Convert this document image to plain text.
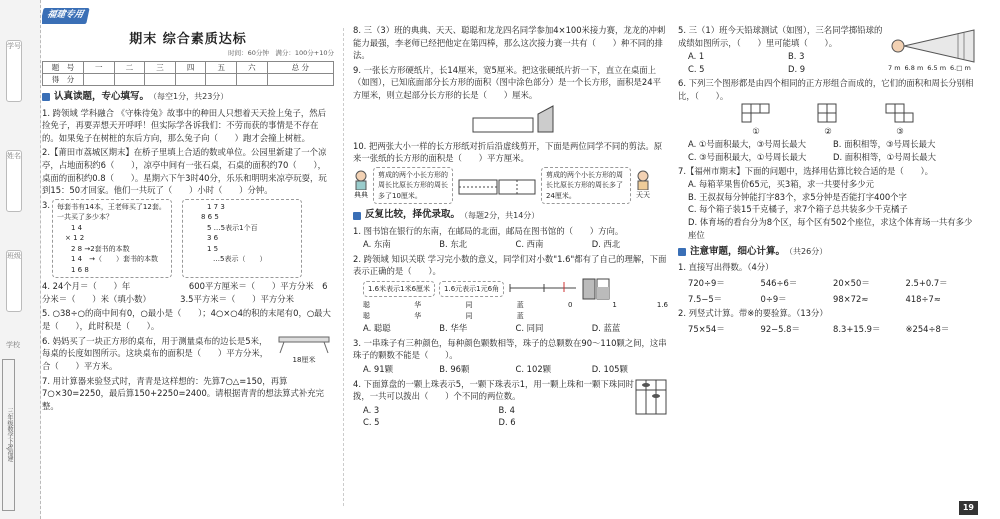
学号
姓名
班级
学校
三年级数学下RJ福建
福建专用
期末 综合素质达标
时间：60分钟　满分：100分+10分
题　号	一	二	三	四	五	六	总 分
得　分							
认真读题，专心填写。 （每空1分，共23分）

1. 跨领域 学科融合 《守株待兔》故事中的种田人只想着天天捡上兔子，然后捡免子，再要弄想天开呼呼！但实际学各诉我们：不劳而获的事情是不存在的。如果兔子在树桩的东后方向，那么兔子向（　　）跑才会撞上树桩。

2.【莆田市荔城区期末】在桥子里填上合适的数或单位。公园里新建了一个凉亭，占地面积约6（　　），凉亭中间有一张石桌，石桌的面积约70（　　），桌面的面积约0.8（　　）。星期六下午3时40分，乐乐和明明来凉亭玩耍，玩到15：50才回家。他们一共玩了（　　）小时（　　）分钟。

3. 每套书有14本，王老师买了12套。一共买了多少本？
1 4
× 1 2
2 8 →2套书的本数
1 4　→（　　）套书的本数
1 6 8
1 7 3
8 6 5
5 …5表示1个百
3 6
1 5
…5表示（　　）

4. 24个月＝（　　）年　　　　　　　600平方厘米＝（　　）平方分米　6分米＝（　　）米（填小数）　　　　3.5平方米＝（　　）平方分米

5. ○38÷○的商中间有0，○最小是（　　）；4○×○4的积的末尾有0，○最大是（　　），此时积是（　　）。

6. 妈妈买了一块正方形的桌布，用于测量桌布的边长是5米，每桌的长度如图所示。这块桌布的面积是（　　）平方分米，合（　　）平方米。

18厘米

7. 用计算器来验竖式时，青青是这样想的：先算7○△=150，再算7○×30=2250，最后算150+2250=2400。请根据青青的想法算式补充完整。

8. 三（3）班的典典、天天、聪聪和龙龙四名同学参加4×100米接力赛，龙龙的冲刺能力最强，李老师已经把他定在第四棒，那么这次接力赛一共有（　　）种不同的排法。

9. 一张长方形硬纸片，长14厘米，宽5厘米。把这张硬纸片折一下，直立在桌面上（如图），已知底面部分长方形的面积（图中涂色部分）是一个长方形，面积是24平方厘米，则立起部分长方形的长是（　　）厘米。

10. 把两张大小一样的长方形纸对折后沿虚线剪开，下面是两位同学不同的剪法。原来一张纸的长方形的面积是（　　）平方厘米。

典典
剪成的两个小长方形的周长比原长方形的周长多了10厘米。
剪成的两个小长方形的周长比原长方形的周长多了24厘米。	天天
反复比较，择优录取。 （每题2分，共14分）

1. 图书馆在银行的东南，在邮局的北面，邮局在图书馆的（　　）方向。

A. 东南	B. 东北	C. 西南	D. 西北

2. 跨领域 知识关联 学习完小数的意义，同学们对小数"1.6"都有了自己的理解，下面表示正确的是（　　）。

1.6米表示1米6厘米	1.6元表示1元6角
聪聪
华华
同同
蓝蓝
0	1	1.6
A. 聪聪	B. 华华	C. 同同	D. 蓝蓝

3. 一串珠子有三种颜色，每种颜色颗数相等，珠子的总颗数在90～110颗之间，这串珠子的颗数不能是（　　）。

A. 91颗	B. 96颗	C. 102颗	D. 105颗

4. 下面算盘的一颗上珠表示5，一颗下珠表示1，用一颗上珠和一颗下珠同时拨，一共可以拨出（　　）个不同的两位数。

A. 3	B. 4
C. 5	D. 6

5. 三（1）班今天铅球测试（如图），三名同学掷铅球的成绩如图所示，（　　）里可能填（　　）。

A. 1	B. 3
C. 5	D. 9	7 m 6.8 m 6.5 m 6.□ m

6. 下列三个图形都是由四个相同的正方形组合而成的，它们的面积和周长分别相比，（　　）。

①	②	③
A. ①号面积最大，③号周长最大	B. 面积相等，③号周长最大
C. ③号面积最大，①号周长最大	D. 面积相等，①号周长最大

7.【福州市期末】下面的问题中，选择用估算比较合适的是（　　）。

A. 每箱苹果售价65元，买3箱，求一共要付多少元
B. 王叔叔每分钟能打字83个，求5分钟是否能打字400个字
C. 每个箱子装15千克橘子，求7个箱子总共装多少千克橘子
D. 体育场的看台分为8个区，每个区有502个座位，求这个体育场一共有多少座位
注意审题，细心计算。 （共26分）

1. 直接写出得数。（4分）

720÷9＝	546÷6＝	20×50＝	2.5+0.7＝
7.5−5＝	0÷9＝	98×72≈	418÷7≈

2. 列竖式计算。带※的要验算。（13分）

75×54＝	92−5.8＝	8.3+15.9＝	※254÷8＝
19
